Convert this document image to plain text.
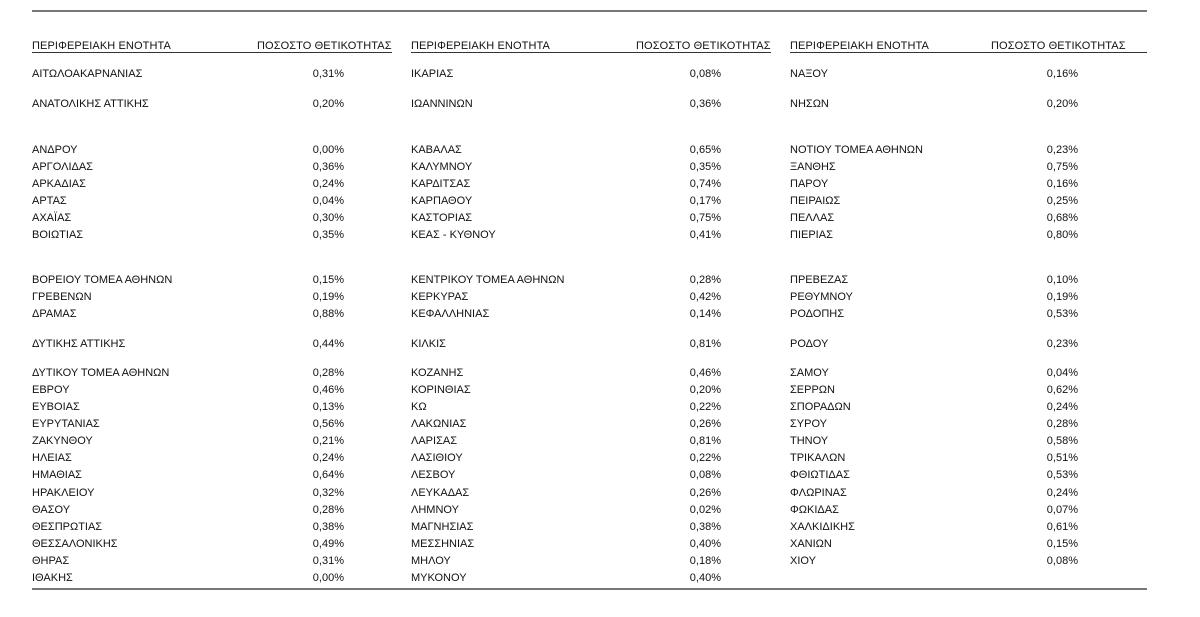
ΠΕΡΙΦΕΡΕΙΑΚΗ ΕΝΟΤΗΤΑ	ΠΟΣΟΣΤΟ ΘΕΤΙΚΟΤΗΤΑΣ
ΑΙΤΩΛΟΑΚΑΡΝΑΝΙΑΣ	0,31%
ΑΝΑΤΟΛΙΚΗΣ ΑΤΤΙΚΗΣ	0,20%
ΑΝΔΡΟΥ	0,00%
ΑΡΓΟΛΙΔΑΣ	0,36%
ΑΡΚΑΔΙΑΣ	0,24%
ΑΡΤΑΣ	0,04%
ΑΧΑΪΑΣ	0,30%
ΒΟΙΩΤΙΑΣ	0,35%
ΒΟΡΕΙΟΥ ΤΟΜΕΑ ΑΘΗΝΩΝ	0,15%
ΓΡΕΒΕΝΩΝ	0,19%
ΔΡΑΜΑΣ	0,88%
ΔΥΤΙΚΗΣ ΑΤΤΙΚΗΣ	0,44%
ΔΥΤΙΚΟΥ ΤΟΜΕΑ ΑΘΗΝΩΝ	0,28%
ΕΒΡΟΥ	0,46%
ΕΥΒΟΙΑΣ	0,13%
ΕΥΡΥΤΑΝΙΑΣ	0,56%
ΖΑΚΥΝΘΟΥ	0,21%
ΗΛΕΙΑΣ	0,24%
ΗΜΑΘΙΑΣ	0,64%
ΗΡΑΚΛΕΙΟΥ	0,32%
ΘΑΣΟΥ	0,28%
ΘΕΣΠΡΩΤΙΑΣ	0,38%
ΘΕΣΣΑΛΟΝΙΚΗΣ	0,49%
ΘΗΡΑΣ	0,31%
ΙΘΑΚΗΣ	0,00%
ΠΕΡΙΦΕΡΕΙΑΚΗ ΕΝΟΤΗΤΑ	ΠΟΣΟΣΤΟ ΘΕΤΙΚΟΤΗΤΑΣ
ΙΚΑΡΙΑΣ	0,08%
ΙΩΑΝΝΙΝΩΝ	0,36%
ΚΑΒΑΛΑΣ	0,65%
ΚΑΛΥΜΝΟΥ	0,35%
ΚΑΡΔΙΤΣΑΣ	0,74%
ΚΑΡΠΑΘΟΥ	0,17%
ΚΑΣΤΟΡΙΑΣ	0,75%
ΚΕΑΣ - ΚΥΘΝΟΥ	0,41%
ΚΕΝΤΡΙΚΟΥ ΤΟΜΕΑ ΑΘΗΝΩΝ	0,28%
ΚΕΡΚΥΡΑΣ	0,42%
ΚΕΦΑΛΛΗΝΙΑΣ	0,14%
ΚΙΛΚΙΣ	0,81%
ΚΟΖΑΝΗΣ	0,46%
ΚΟΡΙΝΘΙΑΣ	0,20%
ΚΩ	0,22%
ΛΑΚΩΝΙΑΣ	0,26%
ΛΑΡΙΣΑΣ	0,81%
ΛΑΣΙΘΙΟΥ	0,22%
ΛΕΣΒΟΥ	0,08%
ΛΕΥΚΑΔΑΣ	0,26%
ΛΗΜΝΟΥ	0,02%
ΜΑΓΝΗΣΙΑΣ	0,38%
ΜΕΣΣΗΝΙΑΣ	0,40%
ΜΗΛΟΥ	0,18%
ΜΥΚΟΝΟΥ	0,40%
ΠΕΡΙΦΕΡΕΙΑΚΗ ΕΝΟΤΗΤΑ	ΠΟΣΟΣΤΟ ΘΕΤΙΚΟΤΗΤΑΣ
ΝΑΞΟΥ	0,16%
ΝΗΣΩΝ	0,20%
ΝΟΤΙΟΥ ΤΟΜΕΑ ΑΘΗΝΩΝ	0,23%
ΞΑΝΘΗΣ	0,75%
ΠΑΡΟΥ	0,16%
ΠΕΙΡΑΙΩΣ	0,25%
ΠΕΛΛΑΣ	0,68%
ΠΙΕΡΙΑΣ	0,80%
ΠΡΕΒΕΖΑΣ	0,10%
ΡΕΘΥΜΝΟΥ	0,19%
ΡΟΔΟΠΗΣ	0,53%
ΡΟΔΟΥ	0,23%
ΣΑΜΟΥ	0,04%
ΣΕΡΡΩΝ	0,62%
ΣΠΟΡΑΔΩΝ	0,24%
ΣΥΡΟΥ	0,28%
ΤΗΝΟΥ	0,58%
ΤΡΙΚΑΛΩΝ	0,51%
ΦΘΙΩΤΙΔΑΣ	0,53%
ΦΛΩΡΙΝΑΣ	0,24%
ΦΩΚΙΔΑΣ	0,07%
ΧΑΛΚΙΔΙΚΗΣ	0,61%
ΧΑΝΙΩΝ	0,15%
ΧΙΟΥ	0,08%
